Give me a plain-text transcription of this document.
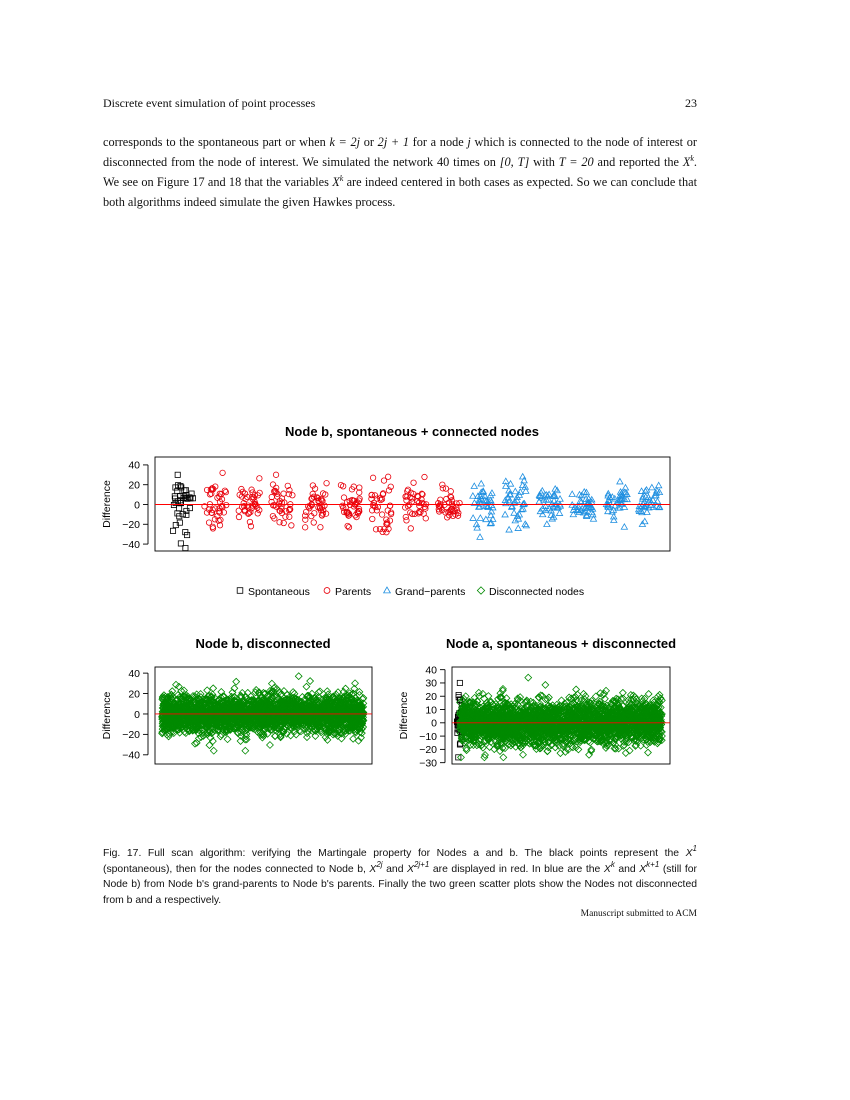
Discrete event simulation of point processes	23

corresponds to the spontaneous part or when k = 2j or 2j + 1 for a node j which is connected to the node of interest or disconnected from the node of interest. We simulated the network 40 times on [0, T] with T = 20 and reported the $X^k$. We see on Figure 17 and 18 that the variables $X^k$ are indeed centered in both cases as expected. So we can conclude that both algorithms indeed simulate the given Hawkes process.

Node b, spontaneous + connected nodes
−40
−20
0
20
40
Difference
Spontaneous Parents Grand−parents Disconnected nodes
Node b, disconnected
−40
−20
0
20
40
Difference
Node a, spontaneous + disconnected
−30
−20
−10
0
10
20
30
40
Difference
Fig. 17. Full scan algorithm: verifying the Martingale property for Nodes a and b. The black points represent the $X^1$ (spontaneous), then for the nodes connected to Node b, $X^{2j}$ and $X^{2j+1}$ are displayed in red. In blue are the $X^k$ and $X^{k+1}$ (still for Node b) from Node b's grand-parents to Node b's parents. Finally the two green scatter plots show the Nodes not disconnected from b and a respectively.
Manuscript submitted to ACM
